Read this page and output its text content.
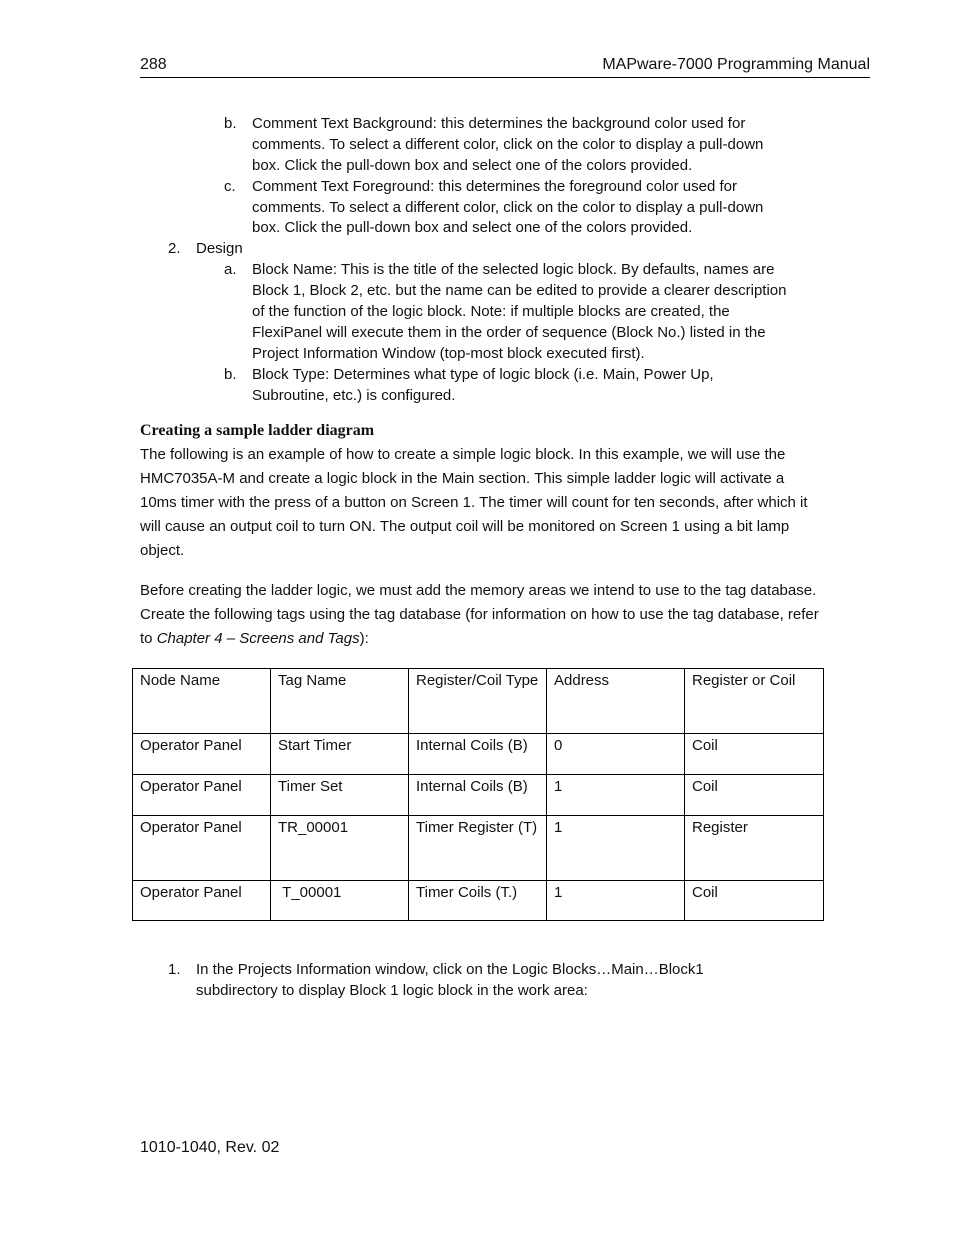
288	MAPware-7000 Programming Manual
b. Comment Text Background: this determines the background color used for
comments. To select a different color, click on the color to display a pull-down
box. Click the pull-down box and select one of the colors provided.
c. Comment Text Foreground: this determines the foreground color used for
comments. To select a different color, click on the color to display a pull-down
box. Click the pull-down box and select one of the colors provided.
2. Design
a. Block Name: This is the title of the selected logic block. By defaults, names are
Block 1, Block 2, etc. but the name can be edited to provide a clearer description
of the function of the logic block. Note: if multiple blocks are created, the
FlexiPanel will execute them in the order of sequence (Block No.) listed in the
Project Information Window (top-most block executed first).
b. Block Type: Determines what type of logic block (i.e. Main, Power Up,
Subroutine, etc.) is configured.
Creating a sample ladder diagram

The following is an example of how to create a simple logic block. In this example, we will use the HMC7035A-M and create a logic block in the Main section. This simple ladder logic will activate a 10ms timer with the press of a button on Screen 1. The timer will count for ten seconds, after which it will cause an output coil to turn ON. The output coil will be monitored on Screen 1 using a bit lamp object.

Before creating the ladder logic, we must add the memory areas we intend to use to the tag database. Create the following tags using the tag database (for information on how to use the tag database, refer to Chapter 4 – Screens and Tags):

Node Name	Tag Name	Register/Coil Type	Address	Register or Coil
Operator Panel	Start Timer	Internal Coils (B)	0	Coil
Operator Panel	Timer Set	Internal Coils (B)	1	Coil
Operator Panel	TR_00001	Timer Register (T)	1	Register
Operator Panel	T_00001	Timer Coils (T.)	1	Coil
1. In the Projects Information window, click on the Logic Blocks…Main…Block1
subdirectory to display Block 1 logic block in the work area:
1010-1040, Rev. 02
